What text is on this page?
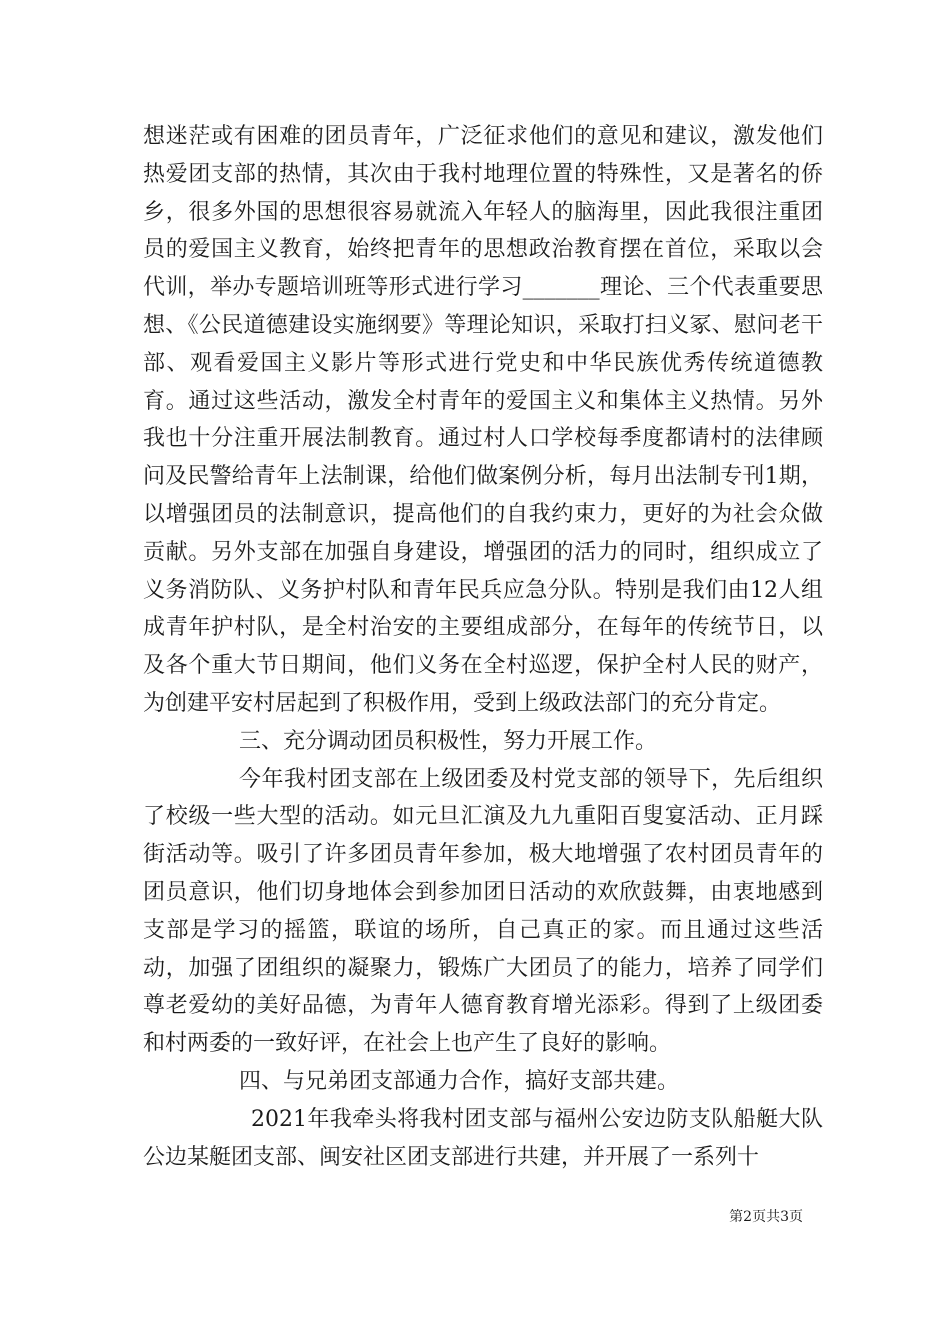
想迷茫或有困难的团员青年，广泛征求他们的意见和建议，激发他们热爱团支部的热情，其次由于我村地理位置的特殊性，又是著名的侨乡，很多外国的思想很容易就流入年轻人的脑海里，因此我很注重团员的爱国主义教育，始终把青年的思想政治教育摆在首位，采取以会代训，举办专题培训班等形式进行学习_______理论、三个代表重要思想、《公民道德建设实施纲要》等理论知识，采取打扫义冢、慰问老干部、观看爱国主义影片等形式进行党史和中华民族优秀传统道德教育。通过这些活动，激发全村青年的爱国主义和集体主义热情。另外我也十分注重开展法制教育。通过村人口学校每季度都请村的法律顾问及民警给青年上法制课，给他们做案例分析，每月出法制专刊1期，以增强团员的法制意识，提高他们的自我约束力，更好的为社会众做贡献。另外支部在加强自身建设，增强团的活力的同时，组织成立了义务消防队、义务护村队和青年民兵应急分队。特别是我们由12人组成青年护村队，是全村治安的主要组成部分，在每年的传统节日，以及各个重大节日期间，他们义务在全村巡逻，保护全村人民的财产，为创建平安村居起到了积极作用，受到上级政法部门的充分肯定。

三、充分调动团员积极性，努力开展工作。

今年我村团支部在上级团委及村党支部的领导下，先后组织了校级一些大型的活动。如元旦汇演及九九重阳百叟宴活动、正月踩街活动等。吸引了许多团员青年参加，极大地增强了农村团员青年的团员意识，他们切身地体会到参加团日活动的欢欣鼓舞，由衷地感到支部是学习的摇篮，联谊的场所，自己真正的家。而且通过这些活动，加强了团组织的凝聚力，锻炼广大团员了的能力，培养了同学们尊老爱幼的美好品德，为青年人德育教育增光添彩。得到了上级团委和村两委的一致好评，在社会上也产生了良好的影响。

四、与兄弟团支部通力合作，搞好支部共建。

2021年我牵头将我村团支部与福州公安边防支队船艇大队公边某艇团支部、闽安社区团支部进行共建，并开展了一系列十

第2页共3页
